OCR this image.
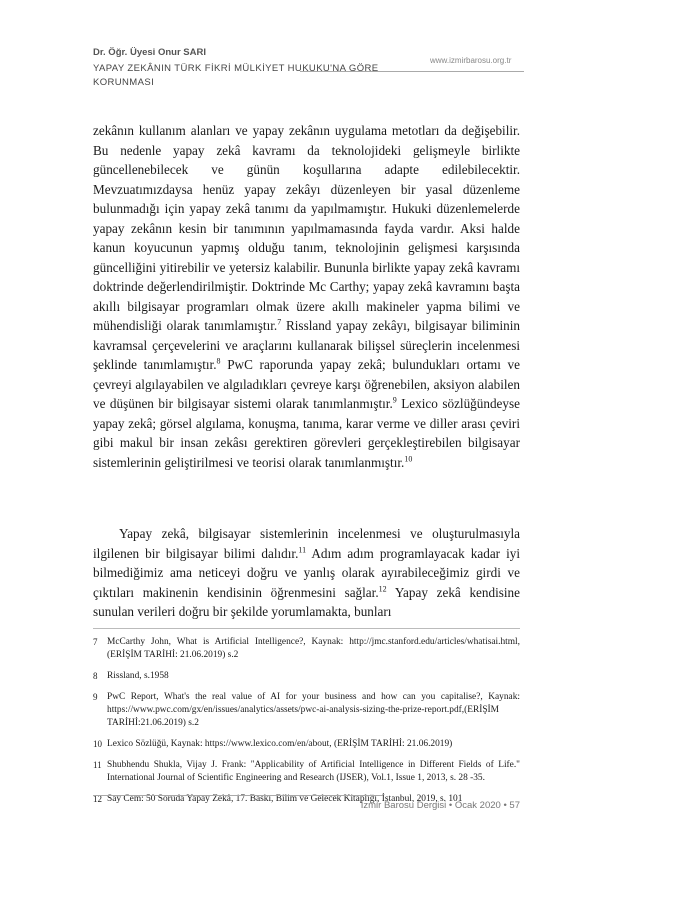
Dr. Öğr. Üyesi Onur SARI
YAPAY ZEKÂNIN TÜRK FİKRİ MÜLKİYET HUKUKU'NA GÖRE KORUNMASI
www.izmirbarosu.org.tr

zekânın kullanım alanları ve yapay zekânın uygulama metotları da değişebilir. Bu nedenle yapay zekâ kavramı da teknolojideki gelişmeyle birlikte güncellenebilecek ve günün koşullarına adapte edilebilecektir. Mevzuatımızdaysa henüz yapay zekâyı düzenleyen bir yasal düzenleme bulunmadığı için yapay zekâ tanımı da yapılmamıştır. Hukuki düzenlemelerde yapay zekânın kesin bir tanımının yapılmamasında fayda vardır. Aksi halde kanun koyucunun yapmış olduğu tanım, teknolojinin gelişmesi karşısında güncelliğini yitirebilir ve yetersiz kalabilir. Bununla birlikte yapay zekâ kavramı doktrinde değerlendirilmiştir. Doktrinde Mc Carthy; yapay zekâ kavramını başta akıllı bilgisayar programları olmak üzere akıllı makineler yapma bilimi ve mühendisliği olarak tanımlamıştır.$^7$ Rissland yapay zekâyı, bilgisayar biliminin kavramsal çerçevelerini ve araçlarını kullanarak bilişsel süreçlerin incelenmesi şeklinde tanımlamıştır.$^8$ PwC raporunda yapay zekâ; bulundukları ortamı ve çevreyi algılayabilen ve algıladıkları çevreye karşı öğrenebilen, aksiyon alabilen ve düşünen bir bilgisayar sistemi olarak tanımlanmıştır.$^9$ Lexico sözlüğündeyse yapay zekâ; görsel algılama, konuşma, tanıma, karar verme ve diller arası çeviri gibi makul bir insan zekâsı gerektiren görevleri gerçekleştirebilen bilgisayar sistemlerinin geliştirilmesi ve teorisi olarak tanımlanmıştır.$^{10}$

Yapay zekâ, bilgisayar sistemlerinin incelenmesi ve oluşturulmasıyla ilgilenen bir bilgisayar bilimi dalıdır.$^{11}$ Adım adım programlayacak kadar iyi bilmediğimiz ama neticeyi doğru ve yanlış olarak ayırabileceğimiz girdi ve çıktıları makinenin kendisinin öğrenmesini sağlar.$^{12}$ Yapay zekâ kendisine sunulan verileri doğru bir şekilde yorumlamakta, bunları

7	McCarthy John, What is Artificial Intelligence?, Kaynak: http://jmc.stanford.edu/articles/whatisai.html, (ERİŞİM TARİHİ: 21.06.2019) s.2
8	Rissland, s.1958
9	PwC Report, What's the real value of AI for your business and how can you capitalise?, Kaynak: https://www.pwc.com/gx/en/issues/analytics/assets/pwc-ai-analysis-sizing-the-prize-report.pdf,(ERİŞİM TARİHİ:21.06.2019) s.2
10 Lexico Sözlüğü, Kaynak: https://www.lexico.com/en/about, (ERİŞİM TARİHİ: 21.06.2019)
11 Shubhendu Shukla, Vijay J. Frank: "Applicability of Artificial Intelligence in Different Fields of Life." International Journal of Scientific Engineering and Research (IJSER), Vol.1, Issue 1, 2013, s. 28 -35.
12 Say Cem: 50 Soruda Yapay Zekâ, 17. Baskı, Bilim ve Gelecek Kitaplığı, İstanbul, 2019, s. 101
İzmir Barosu Dergisi • Ocak 2020 • 57
